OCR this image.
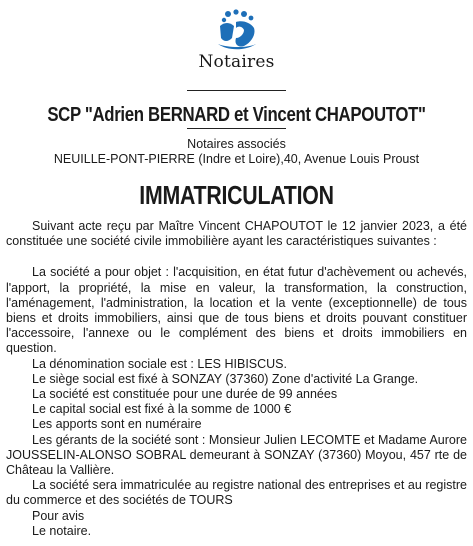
Notaires
SCP "Adrien BERNARD et Vincent CHAPOUTOT"
Notaires associés
NEUILLE-PONT-PIERRE (Indre et Loire),40, Avenue Louis Proust
IMMATRICULATION

Suivant acte reçu par Maître Vincent CHAPOUTOT le 12 janvier 2023, a été constituée une société civile immobilière ayant les caractéristiques suivantes :

La société a pour objet : l'acquisition, en état futur d'achèvement ou achevés, l'apport, la propriété, la mise en valeur, la transformation, la construction, l'aménagement, l'administration, la location et la vente (exceptionnelle) de tous biens et droits immobiliers, ainsi que de tous biens et droits pouvant constituer l'accessoire, l'annexe ou le complément des biens et droits immobiliers en question.

La dénomination sociale est : LES HIBISCUS.

Le siège social est fixé à SONZAY (37360) Zone d'activité La Grange.

La société est constituée pour une durée de 99 années

Le capital social est fixé à la somme de 1000 €

Les apports sont en numéraire

Les gérants de la société sont : Monsieur Julien LECOMTE et Madame Aurore JOUSSELIN-ALONSO SOBRAL demeurant à SONZAY (37360) Moyou, 457 rte de Château la Vallière.

La société sera immatriculée au registre national des entreprises et au registre du commerce et des sociétés de TOURS

Pour avis

Le notaire.
